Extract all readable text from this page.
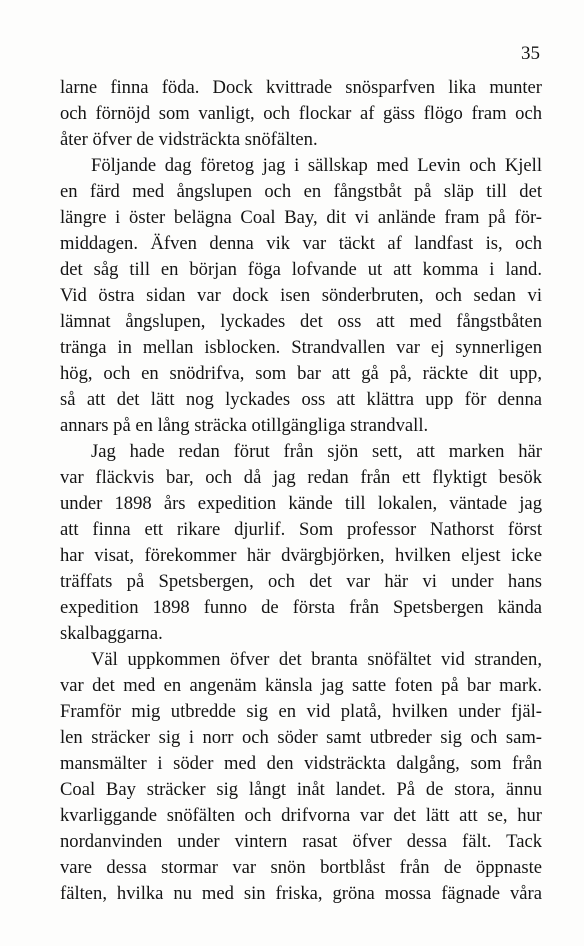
35
larne finna föda. Dock kvittrade snösparfven lika munter
och förnöjd som vanligt, och flockar af gäss flögo fram och
åter öfver de vidsträckta snöfälten.
Följande dag företog jag i sällskap med Levin och Kjell
en färd med ångslupen och en fångstbåt på släp till det
längre i öster belägna Coal Bay, dit vi anlände fram på för-
middagen. Äfven denna vik var täckt af landfast is, och
det såg till en början föga lofvande ut att komma i land.
Vid östra sidan var dock isen sönderbruten, och sedan vi
lämnat ångslupen, lyckades det oss att med fångstbåten
tränga in mellan isblocken. Strandvallen var ej synnerligen
hög, och en snödrifva, som bar att gå på, räckte dit upp,
så att det lätt nog lyckades oss att klättra upp för denna
annars på en lång sträcka otillgängliga strandvall.
Jag hade redan förut från sjön sett, att marken här
var fläckvis bar, och då jag redan från ett flyktigt besök
under 1898 års expedition kände till lokalen, väntade jag
att finna ett rikare djurlif. Som professor Nathorst först
har visat, förekommer här dvärgbjörken, hvilken eljest icke
träffats på Spetsbergen, och det var här vi under hans
expedition 1898 funno de första från Spetsbergen kända
skalbaggarna.
Väl uppkommen öfver det branta snöfältet vid stranden,
var det med en angenäm känsla jag satte foten på bar mark.
Framför mig utbredde sig en vid platå, hvilken under fjäl-
len sträcker sig i norr och söder samt utbreder sig och sam-
mansmälter i söder med den vidsträckta dalgång, som från
Coal Bay sträcker sig långt inåt landet. På de stora, ännu
kvarliggande snöfälten och drifvorna var det lätt att se, hur
nordanvinden under vintern rasat öfver dessa fält. Tack
vare dessa stormar var snön bortblåst från de öppnaste
fälten, hvilka nu med sin friska, gröna mossa fägnade våra
